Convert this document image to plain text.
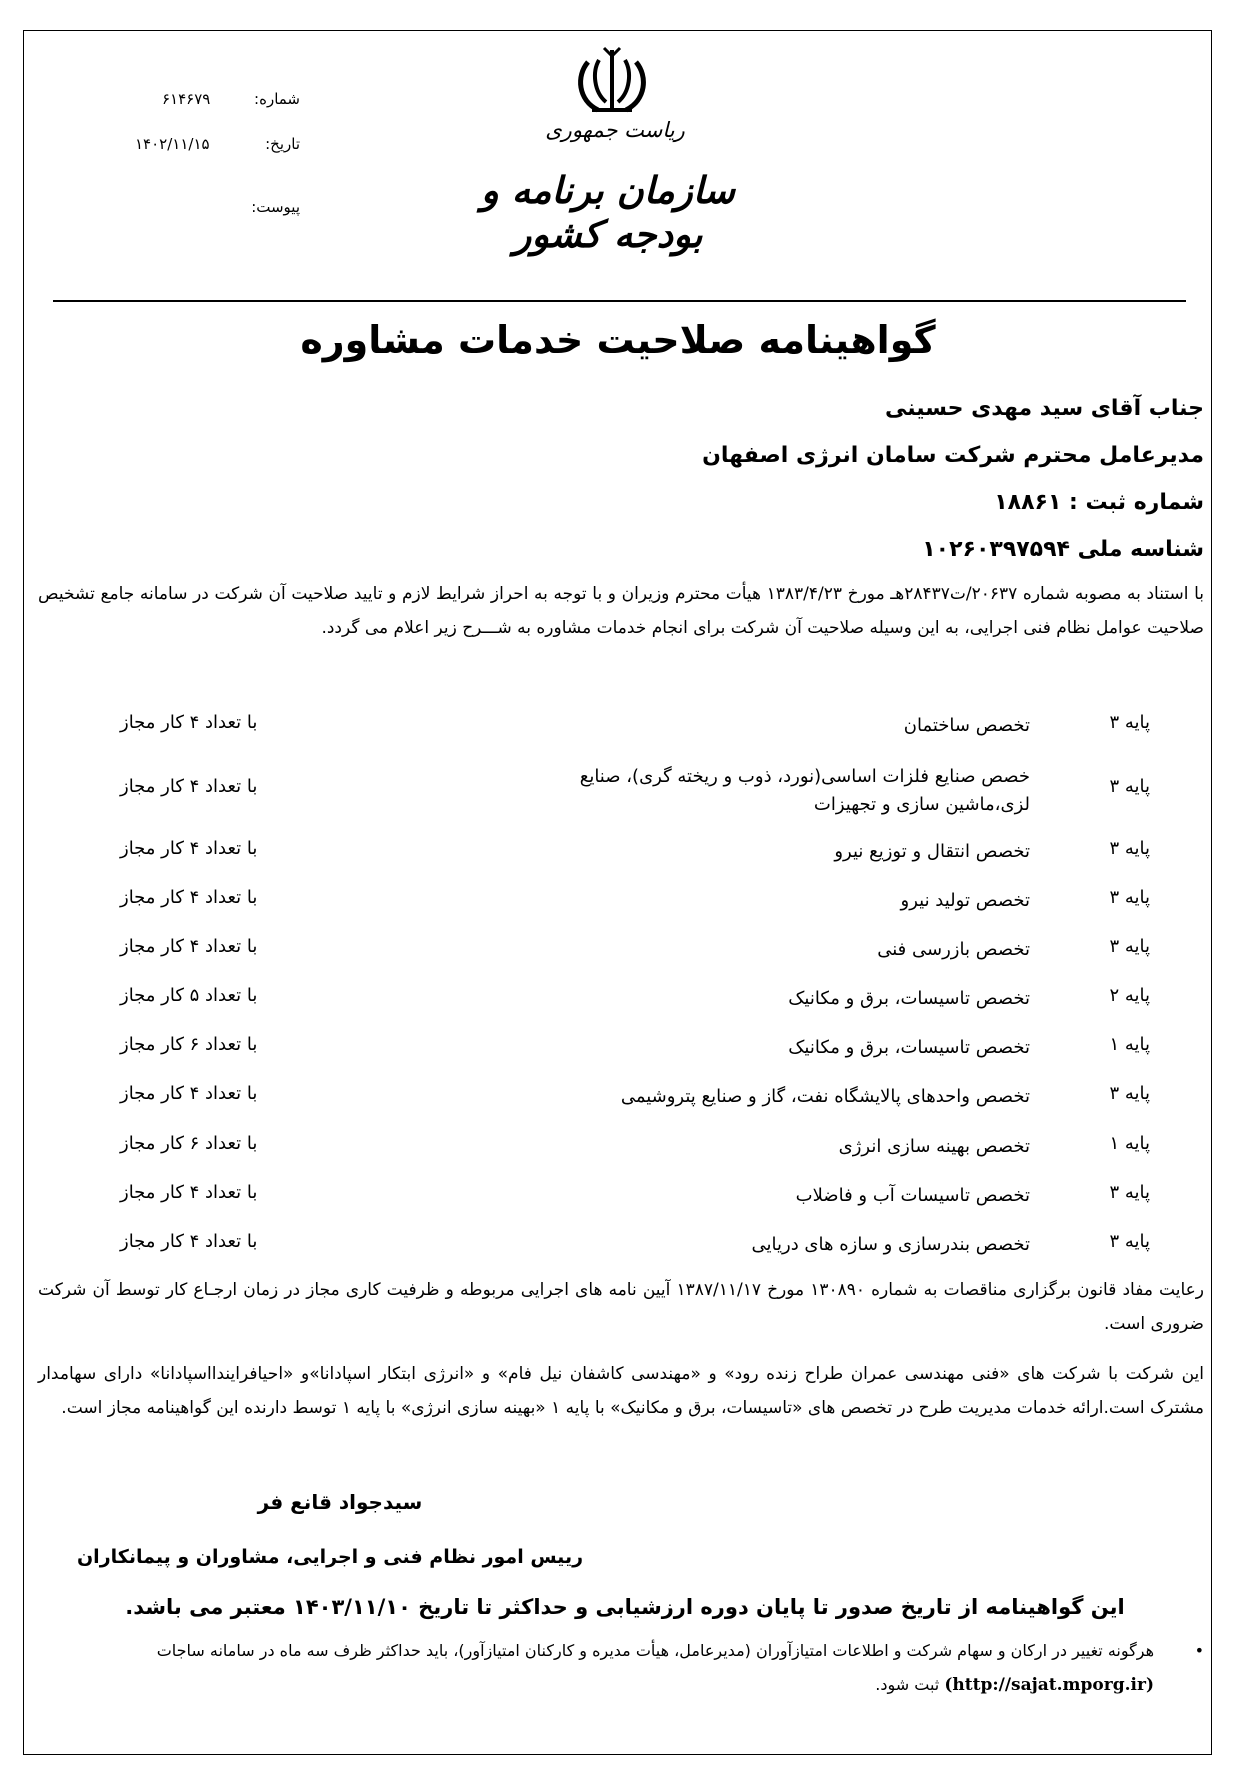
شماره:
۶۱۴۶۷۹
تاریخ:
۱۴۰۲/۱۱/۱۵
پیوست:
ریاست جمهوری
سازمان برنامه و بودجه کشور
گواهینامه صلاحیت خدمات مشاوره
جناب آقای سید مهدی حسینی
مدیرعامل محترم شرکت سامان انرژی اصفهان
شماره ثبت : ۱۸۸۶۱
شناسه ملی ۱۰۲۶۰۳۹۷۵۹۴
با استناد به مصوبه شماره ۲۰۶۳۷/ت۲۸۴۳۷هـ مورخ ۱۳۸۳/۴/۲۳ هیأت محترم وزیران و با توجه به احراز شرایط لازم و تایید صلاحیت آن شرکت در سامانه جامع تشخیص صلاحیت عوامل نظام فنی اجرایی، به این وسیله صلاحیت آن شرکت برای انجام خدمات مشاوره به شـــرح زیر اعلام می گردد.
پایه ۳
تخصص ساختمان
با تعداد ۴ کار مجاز
پایه ۳
خصص صنایع فلزات اساسی(نورد، ذوب و ریخته گری)، صنایع لزی،ماشین سازی و تجهیزات
با تعداد ۴ کار مجاز
پایه ۳
تخصص انتقال و توزیع نیرو
با تعداد ۴ کار مجاز
پایه ۳
تخصص تولید نیرو
با تعداد ۴ کار مجاز
پایه ۳
تخصص بازرسی فنی
با تعداد ۴ کار مجاز
پایه ۲
تخصص تاسیسات، برق و مکانیک
با تعداد ۵ کار مجاز
پایه ۱
تخصص تاسیسات، برق و مکانیک
با تعداد ۶ کار مجاز
پایه ۳
تخصص واحدهای پالایشگاه نفت، گاز و صنایع پتروشیمی
با تعداد ۴ کار مجاز
پایه ۱
تخصص بهینه سازی انرژی
با تعداد ۶ کار مجاز
پایه ۳
تخصص تاسیسات آب و فاضلاب
با تعداد ۴ کار مجاز
پایه ۳
تخصص بندرسازی و سازه های دریایی
با تعداد ۴ کار مجاز
رعایت مفاد قانون برگزاری مناقصات به شماره ۱۳۰۸۹۰ مورخ ۱۳۸۷/۱۱/۱۷ آیین نامه های اجرایی مربوطه و ظرفیت کاری مجاز در زمان ارجـاع کار توسط آن شرکت ضروری است.
این شرکت با شرکت های «فنی مهندسی عمران طراح زنده رود» و «مهندسی کاشفان نیل فام» و «انرژی ابتکار اسپادانا»و «احیافرایندااسپادانا» دارای سهامدار مشترک است.ارائه خدمات مدیریت طرح در تخصص های «تاسیسات، برق و مکانیک» با پایه ۱ «بهینه سازی انرژی» با پایه ۱ توسط دارنده این گواهینامه مجاز است.
سیدجواد قانع فر
رییس امور نظام فنی و اجرایی، مشاوران و پیمانکاران
این گواهینامه از تاریخ صدور تا پایان دوره ارزشیابی و حداکثر تا تاریخ ۱۴۰۳/۱۱/۱۰ معتبر می باشد.
•
هرگونه تغییر در ارکان و سهام شرکت و اطلاعات امتیازآوران (مدیرعامل، هیأت مدیره و کارکنان امتیازآور)، باید حداکثر ظرف سه ماه در سامانه ساجات (http://sajat.mporg.ir) ثبت شود.
